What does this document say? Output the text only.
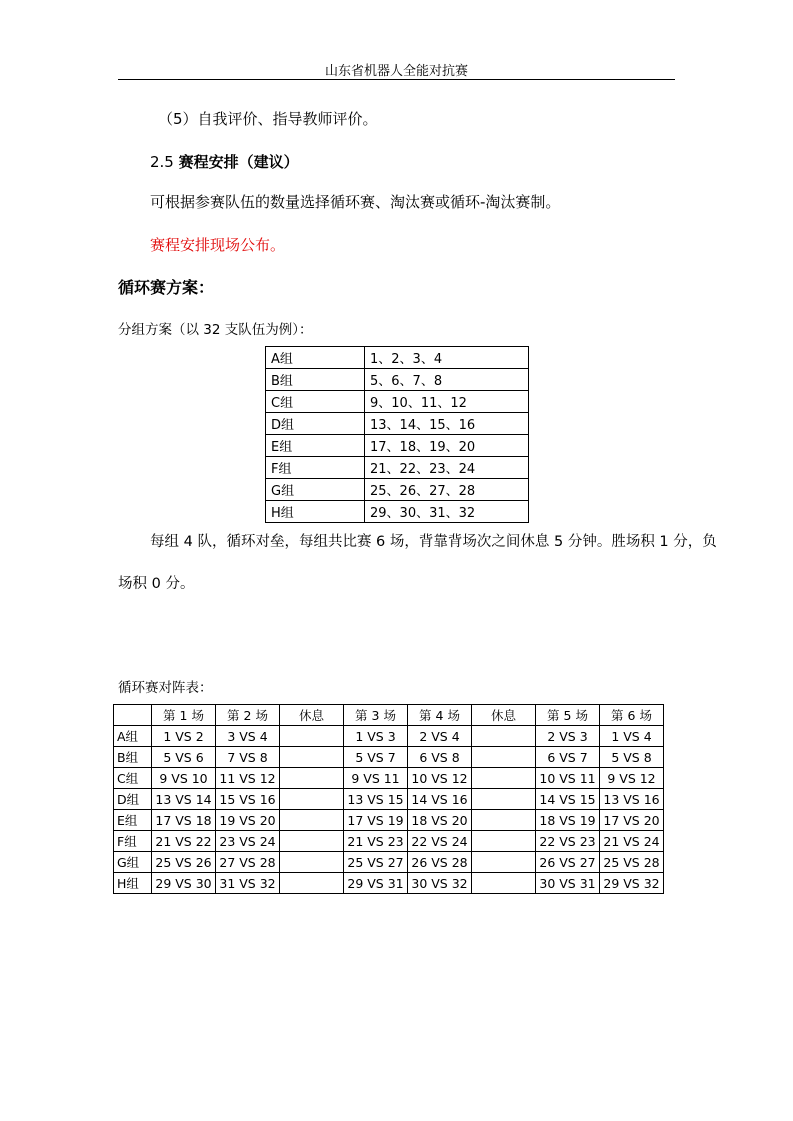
山东省机器人全能对抗赛
（5）自我评价、指导教师评价。
2.5 赛程安排（建议）
可根据参赛队伍的数量选择循环赛、淘汰赛或循环-淘汰赛制。
赛程安排现场公布。
循环赛方案：
分组方案（以 32 支队伍为例）：
A组	1、2、3、4
B组	5、6、7、8
C组	9、10、11、12
D组	13、14、15、16
E组	17、18、19、20
F组	21、22、23、24
G组	25、26、27、28
H组	29、30、31、32
每组 4 队，循环对垒，每组共比赛 6 场，背靠背场次之间休息 5 分钟。胜场积 1 分，负
场积 0 分。
循环赛对阵表：
	第 1 场	第 2 场	休息	第 3 场	第 4 场	休息	第 5 场	第 6 场
A组	1 VS 2	3 VS 4		1 VS 3	2 VS 4		2 VS 3	1 VS 4
B组	5 VS 6	7 VS 8		5 VS 7	6 VS 8		6 VS 7	5 VS 8
C组	9 VS 10	11 VS 12		9 VS 11	10 VS 12		10 VS 11	9 VS 12
D组	13 VS 14	15 VS 16		13 VS 15	14 VS 16		14 VS 15	13 VS 16
E组	17 VS 18	19 VS 20		17 VS 19	18 VS 20		18 VS 19	17 VS 20
F组	21 VS 22	23 VS 24		21 VS 23	22 VS 24		22 VS 23	21 VS 24
G组	25 VS 26	27 VS 28		25 VS 27	26 VS 28		26 VS 27	25 VS 28
H组	29 VS 30	31 VS 32		29 VS 31	30 VS 32		30 VS 31	29 VS 32
